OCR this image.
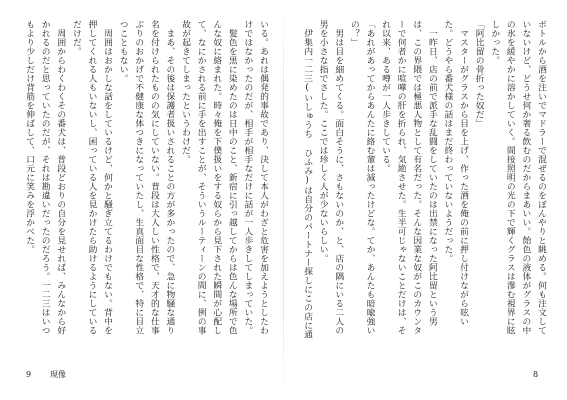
ボトルから酒を注いでマドラーで混ぜるのをぼんやりと眺める。何も注文していないけど、どうせ何か奢る飲むのだからまあいい。飴色の液体がグラスの中の氷を緩やかに溶かしていく。間接照明の光の下で輝くグラスは滲む視界に眩しかった。

「阿比留の骨折った奴だ」

マスターがグラスから目を上げ、作った酒を俺の前に押し付けながら呟いた。どうやら番犬様の話はまだ終わっていないようだった。

一昨日、店の前で派手な乱闘をしていたのは出禁になった阿比留という男は、この界隈では極悪人物として有名だった。そんな因業な奴がこのカウンターで何者かに喧嘩の肝を折られ、気絶させた。生半可じゃないことだけは、それ以来、ある噂が一人歩きしている。

「あれがあってからあんたに絡む輩は減ったけどな。てか、あんたも暗喩強いの？」

男は目を細めてくる。面白そうに、さもないのか、と、店の隅にいる二人の男を小さな指でさした。ここでは珍しく人が少ないらしい。

伊集内一二三(いしゅうち ひふみ)は自分のパートナー探しにこの店に通

いる。あれは偶発的事故であり、決して本人がわざと危害を加えようとしたわけではなかったのだが、相手が相手なだけに話が一人歩きしてしまっていた。

髪色を黒に染めたのは日中のこと、新宿に引っ越してからは色んな場所で色んな奴に絡まれた。時々俺を下僕扱いをする奴らから見下された瞬間が心配して、なにかされる前に手を出すことが、そういうルーティーンの間に、例の事故が起きてしまったというわけだ。

まあ、その後は保護者扱いされることの方が多かったので、急に物騒な通り名を付けられたものの気にしていない。普段は大人しい性格で、天才的な仕事ぶりのおかげで不健康な体つきになっていたし、生真面目な性格で、特に目立つこともない。

周囲はおかしな話をしているけど、何かと騒ぎ立てるわけでもない。背中を押してくれる人もいないし、困っている人を見かけたら助けるようにしているだけだ。

周囲からわくわくその番犬は、普段どおりの自分を見せれば、みんなから好かれるのだと思っていたのだが、それは勘違いだったのだろう。一二三はいつもより少しだけ背筋を伸ばして、口元に笑みを浮かべた。

9 現像	8
